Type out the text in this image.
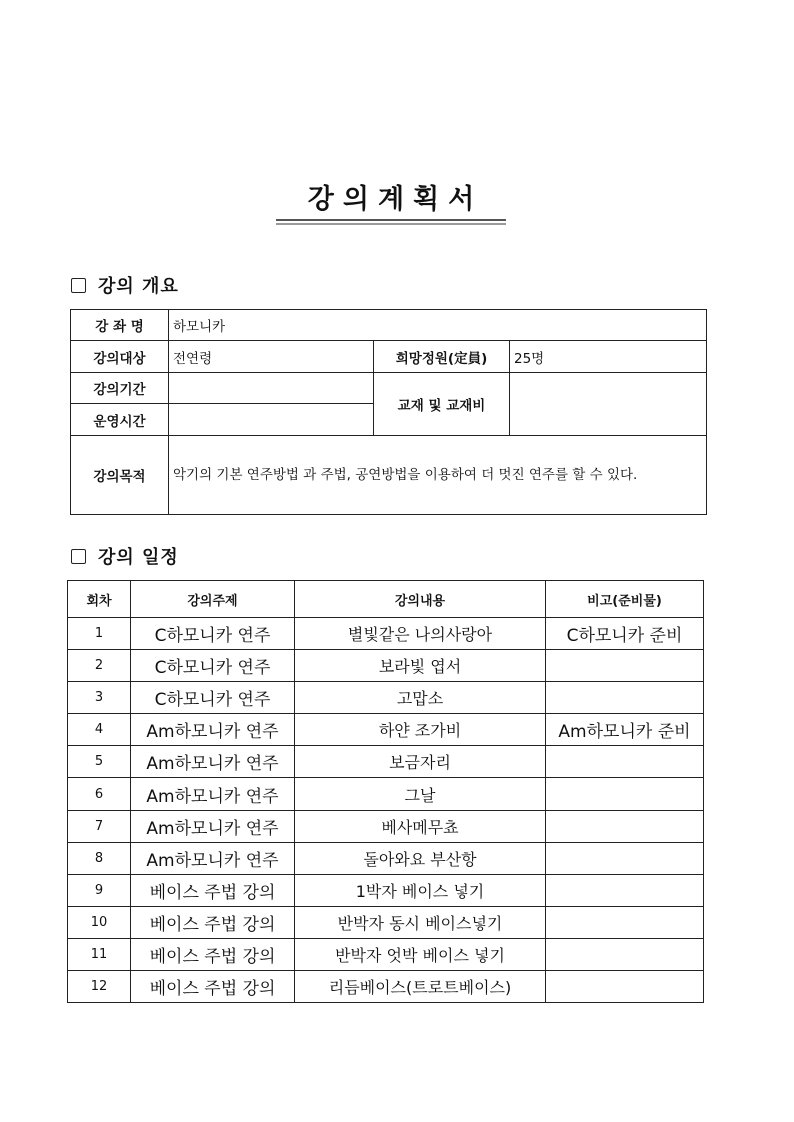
강의계획서
강의 개요
강 좌 명	하모니카		
강의대상	전연령	희망정원(定員)	25명
강의기간		교재 및 교재비	
운영시간			
강의목적	악기의 기본 연주방법 과 주법, 공연방법을 이용하여 더 멋진 연주를 할 수 있다.		
강의 일정
회차	강의주제	강의내용	비고(준비물)
1	C하모니카 연주	별빛같은 나의사랑아	C하모니카 준비
2	C하모니카 연주	보라빛 엽서	
3	C하모니카 연주	고맙소	
4	Am하모니카 연주	하얀 조가비	Am하모니카 준비
5	Am하모니카 연주	보금자리	
6	Am하모니카 연주	그날	
7	Am하모니카 연주	베사메무쵸	
8	Am하모니카 연주	돌아와요 부산항	
9	베이스 주법 강의	1박자 베이스 넣기	
10	베이스 주법 강의	반박자 동시 베이스넣기	
11	베이스 주법 강의	반박자 엇박 베이스 넣기	
12	베이스 주법 강의	리듬베이스(트로트베이스)	
